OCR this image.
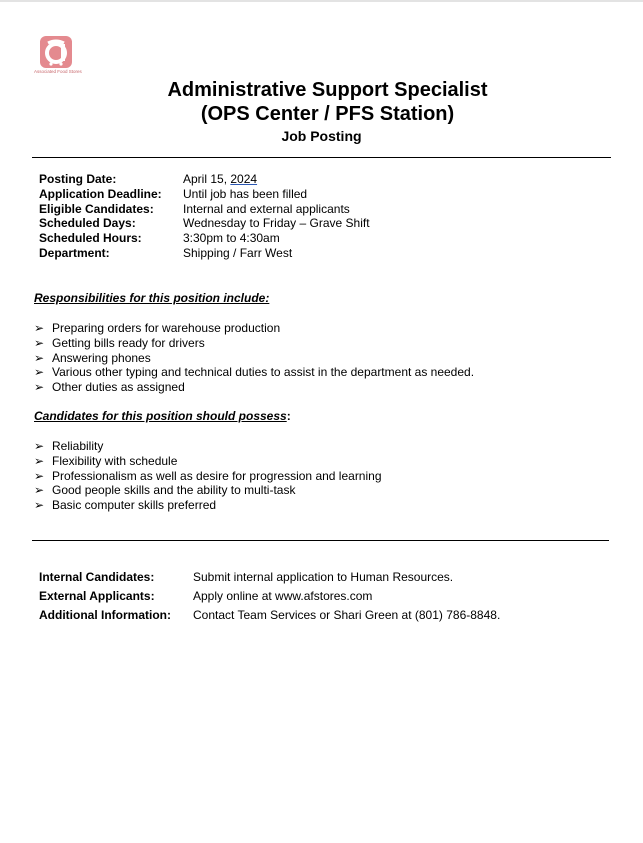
Associated Food Stores
Administrative Support Specialist
(OPS Center / PFS Station)
Job Posting
Posting Date:	April 15, 2024
Application Deadline:	Until job has been filled
Eligible Candidates:	Internal and external applicants
Scheduled Days:	Wednesday to Friday – Grave Shift
Scheduled Hours:	3:30pm to 4:30am
Department:	Shipping / Farr West
Responsibilities for this position include:
➢ Preparing orders for warehouse production
➢ Getting bills ready for drivers
➢ Answering phones
➢ Various other typing and technical duties to assist in the department as needed.
➢ Other duties as assigned
Candidates for this position should possess:
➢ Reliability
➢ Flexibility with schedule
➢ Professionalism as well as desire for progression and learning
➢ Good people skills and the ability to multi-task
➢ Basic computer skills preferred
Internal Candidates:	Submit internal application to Human Resources.
External Applicants:	Apply online at www.afstores.com
Additional Information:	Contact Team Services or Shari Green at (801) 786-8848.
